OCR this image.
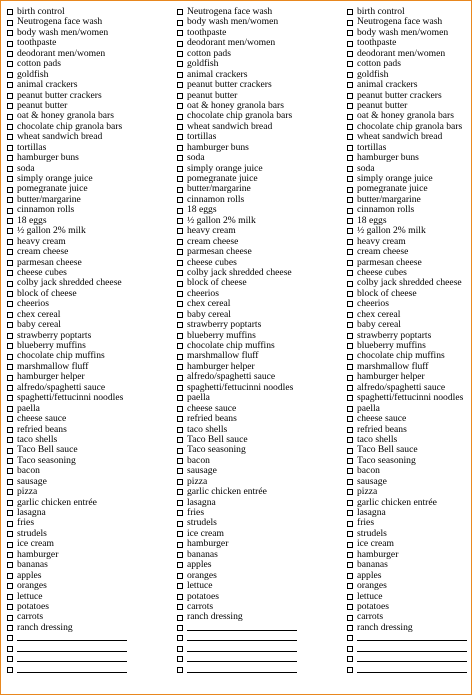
birth control
Neutrogena face wash
body wash men/women
toothpaste
deodorant men/women
cotton pads
goldfish
animal crackers
peanut butter crackers
peanut butter
oat & honey granola bars
chocolate chip granola bars
wheat sandwich bread
tortillas
hamburger buns
soda
simply orange juice
pomegranate juice
butter/margarine
cinnamon rolls
18 eggs
½ gallon 2% milk
heavy cream
cream cheese
parmesan cheese
cheese cubes
colby jack shredded cheese
block of cheese
cheerios
chex cereal
baby cereal
strawberry poptarts
blueberry muffins
chocolate chip muffins
marshmallow fluff
hamburger helper
alfredo/spaghetti sauce
spaghetti/fettucinni noodles
paella
cheese sauce
refried beans
taco shells
Taco Bell sauce
Taco seasoning
bacon
sausage
pizza
garlic chicken entrée
lasagna
fries
strudels
ice cream
hamburger
bananas
apples
oranges
lettuce
potatoes
carrots
ranch dressing
Neutrogena face wash
body wash men/women
toothpaste
deodorant men/women
cotton pads
goldfish
animal crackers
peanut butter crackers
peanut butter
oat & honey granola bars
chocolate chip granola bars
wheat sandwich bread
tortillas
hamburger buns
soda
simply orange juice
pomegranate juice
butter/margarine
cinnamon rolls
18 eggs
½ gallon 2% milk
heavy cream
cream cheese
parmesan cheese
cheese cubes
colby jack shredded cheese
block of cheese
cheerios
chex cereal
baby cereal
strawberry poptarts
blueberry muffins
chocolate chip muffins
marshmallow fluff
hamburger helper
alfredo/spaghetti sauce
spaghetti/fettucinni noodles
paella
cheese sauce
refried beans
taco shells
Taco Bell sauce
Taco seasoning
bacon
sausage
pizza
garlic chicken entrée
lasagna
fries
strudels
ice cream
hamburger
bananas
apples
oranges
lettuce
potatoes
carrots
ranch dressing
birth control
Neutrogena face wash
body wash men/women
toothpaste
deodorant men/women
cotton pads
goldfish
animal crackers
peanut butter crackers
peanut butter
oat & honey granola bars
chocolate chip granola bars
wheat sandwich bread
tortillas
hamburger buns
soda
simply orange juice
pomegranate juice
butter/margarine
cinnamon rolls
18 eggs
½ gallon 2% milk
heavy cream
cream cheese
parmesan cheese
cheese cubes
colby jack shredded cheese
block of cheese
cheerios
chex cereal
baby cereal
strawberry poptarts
blueberry muffins
chocolate chip muffins
marshmallow fluff
hamburger helper
alfredo/spaghetti sauce
spaghetti/fettucinni noodles
paella
cheese sauce
refried beans
taco shells
Taco Bell sauce
Taco seasoning
bacon
sausage
pizza
garlic chicken entrée
lasagna
fries
strudels
ice cream
hamburger
bananas
apples
oranges
lettuce
potatoes
carrots
ranch dressing
